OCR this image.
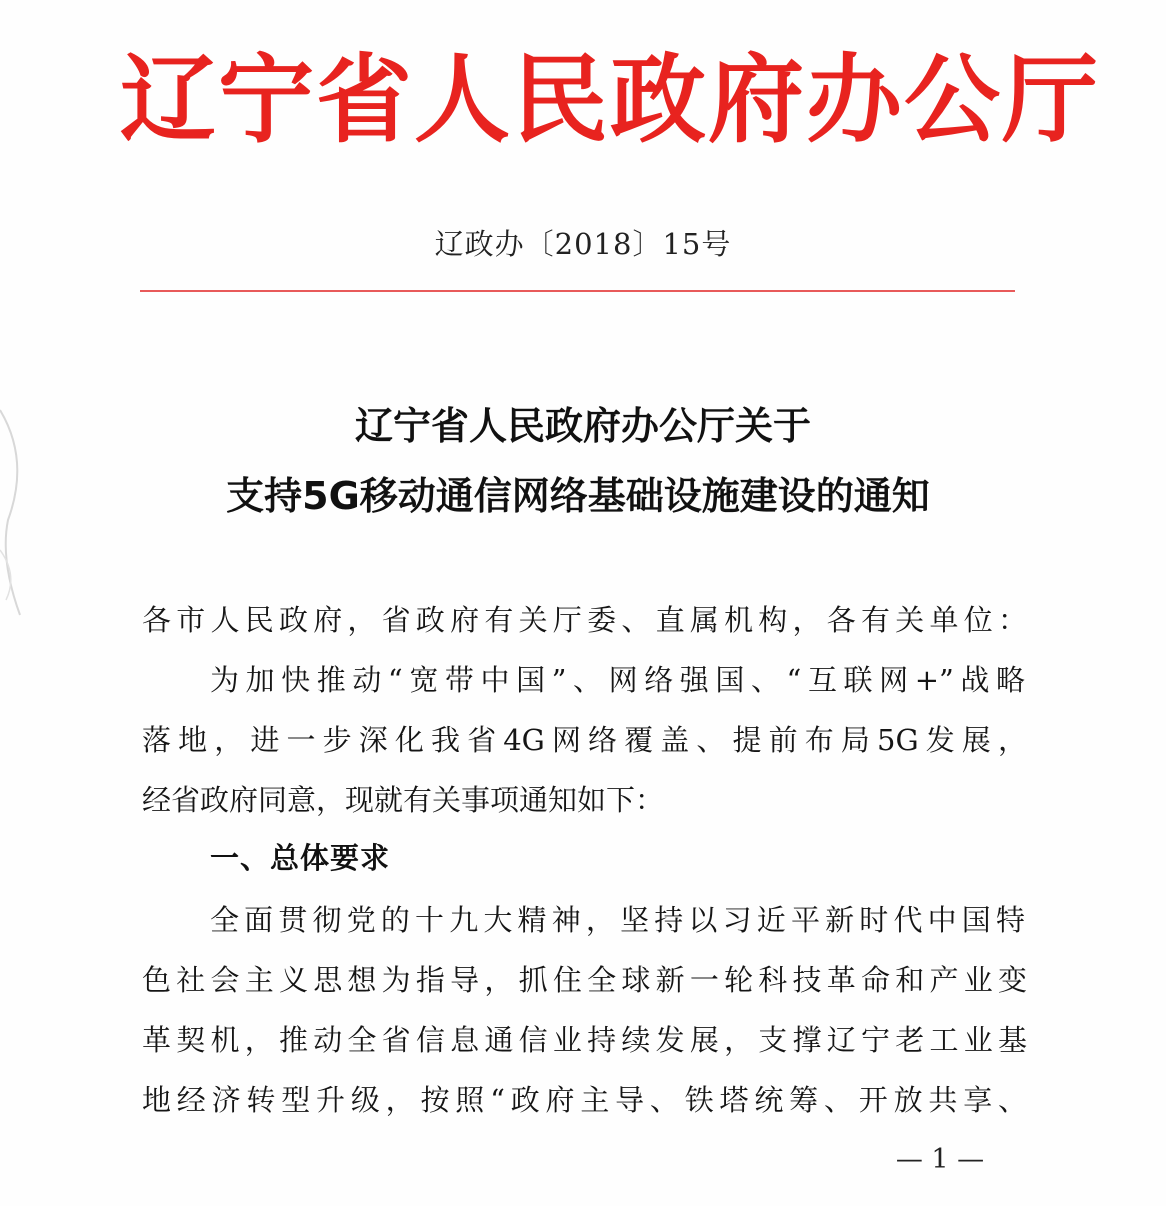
辽宁省人民政府办公厅
辽政办〔2018〕15号
辽宁省人民政府办公厅关于
支持5G移动通信网络基础设施建设的通知
各市人民政府，省政府有关厅委、直属机构，各有关单位：
为加快推动“宽带中国”、网络强国、“互联网+”战略
落地，进一步深化我省4G网络覆盖、提前布局5G发展，
经省政府同意，现就有关事项通知如下：
一、总体要求
全面贯彻党的十九大精神，坚持以习近平新时代中国特
色社会主义思想为指导，抓住全球新一轮科技革命和产业变
革契机，推动全省信息通信业持续发展，支撑辽宁老工业基
地经济转型升级，按照“政府主导、铁塔统筹、开放共享、
— 1 —
